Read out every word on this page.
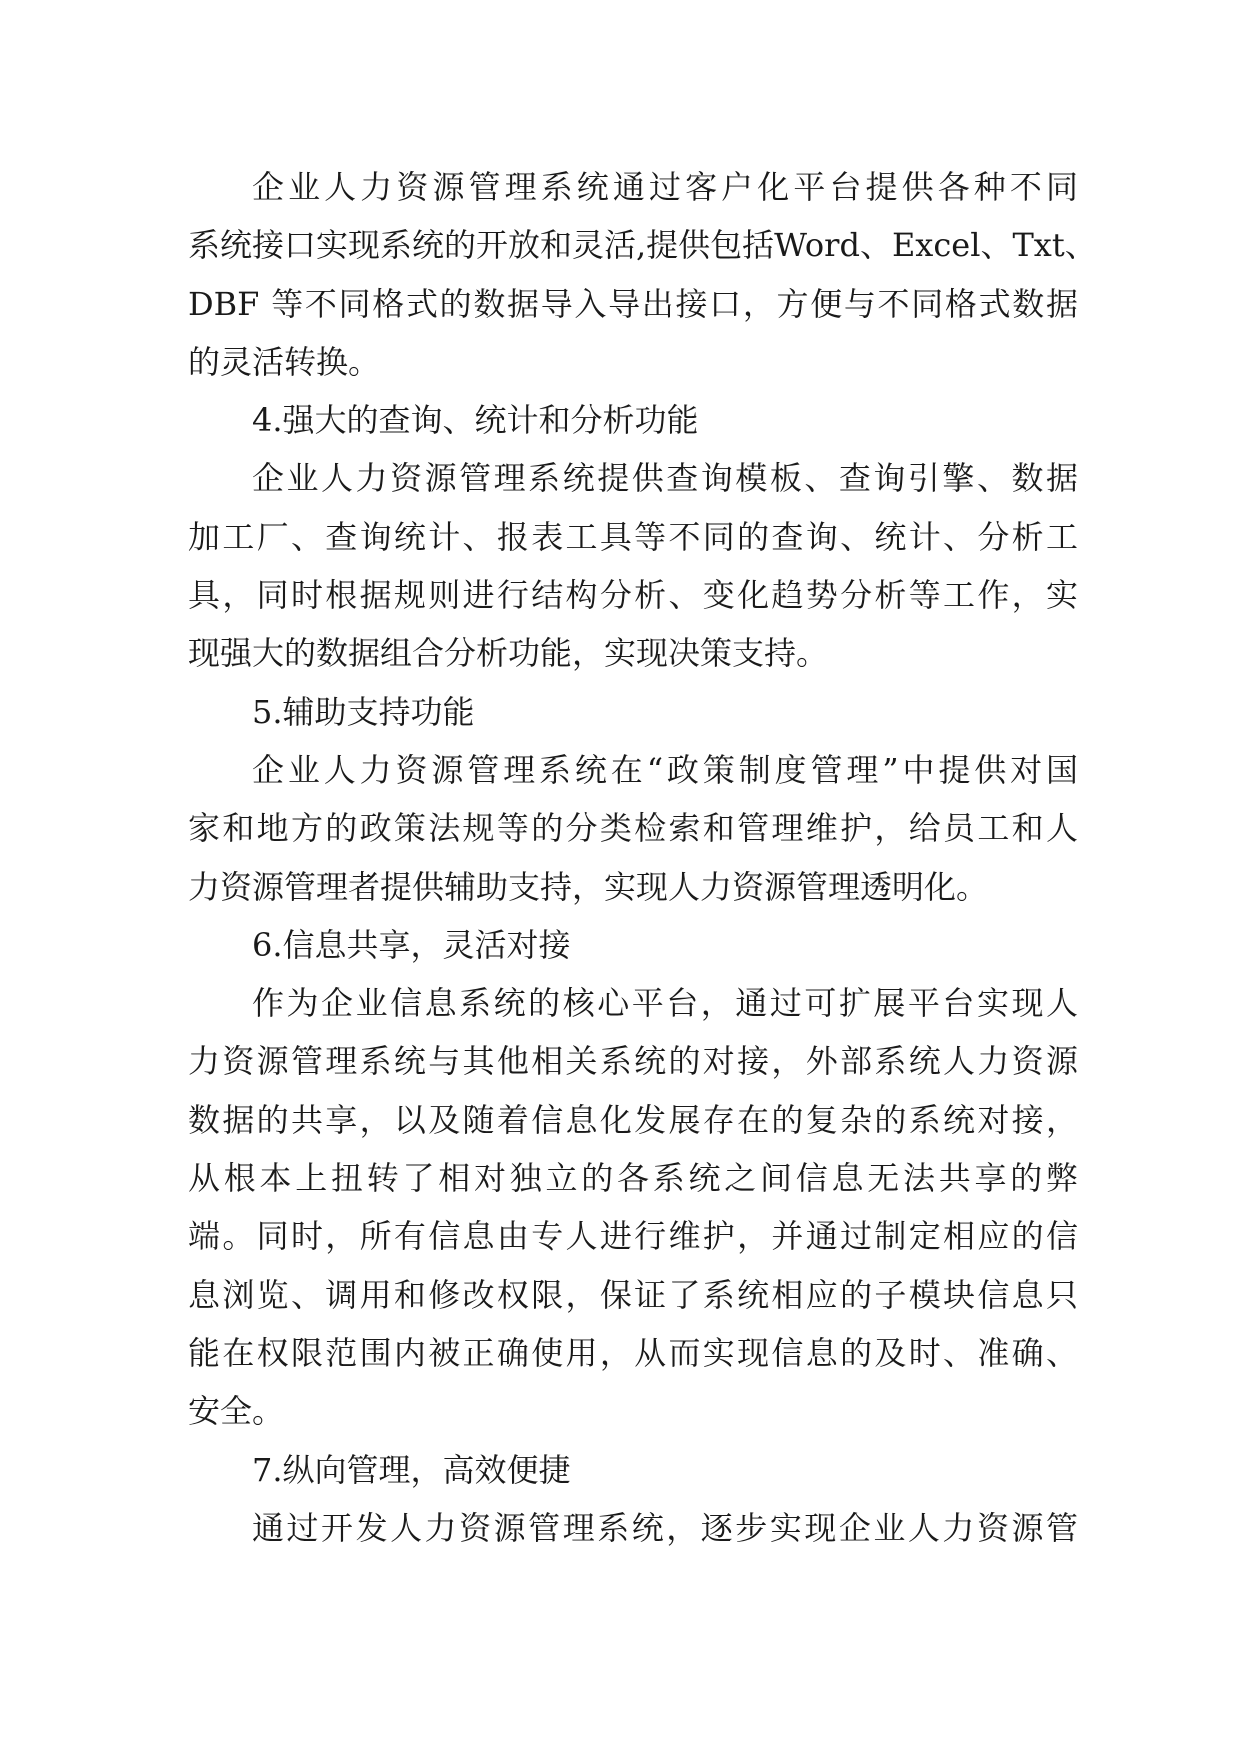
企业人力资源管理系统通过客户化平台提供各种不同
系统接口实现系统的开放和灵活,提供包括Word、Excel、Txt、
DBF 等不同格式的数据导入导出接口，方便与不同格式数据
的灵活转换。
4.强大的查询、统计和分析功能
企业人力资源管理系统提供查询模板、查询引擎、数据
加工厂、查询统计、报表工具等不同的查询、统计、分析工
具，同时根据规则进行结构分析、变化趋势分析等工作，实
现强大的数据组合分析功能，实现决策支持。
5.辅助支持功能
企业人力资源管理系统在“政策制度管理”中提供对国
家和地方的政策法规等的分类检索和管理维护，给员工和人
力资源管理者提供辅助支持，实现人力资源管理透明化。
6.信息共享，灵活对接
作为企业信息系统的核心平台，通过可扩展平台实现人
力资源管理系统与其他相关系统的对接，外部系统人力资源
数据的共享，以及随着信息化发展存在的复杂的系统对接，
从根本上扭转了相对独立的各系统之间信息无法共享的弊
端。同时，所有信息由专人进行维护，并通过制定相应的信
息浏览、调用和修改权限，保证了系统相应的子模块信息只
能在权限范围内被正确使用，从而实现信息的及时、准确、
安全。
7.纵向管理，高效便捷
通过开发人力资源管理系统，逐步实现企业人力资源管
